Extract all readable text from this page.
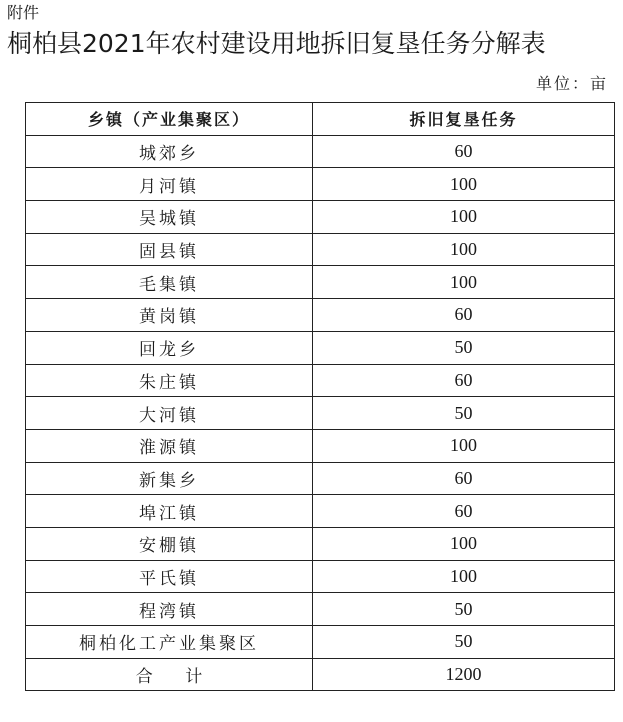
附件
桐柏县2021年农村建设用地拆旧复垦任务分解表
单位：亩
乡镇（产业集聚区）	拆旧复垦任务
城郊乡	60
月河镇	100
吴城镇	100
固县镇	100
毛集镇	100
黄岗镇	60
回龙乡	50
朱庄镇	60
大河镇	50
淮源镇	100
新集乡	60
埠江镇	60
安棚镇	100
平氏镇	100
程湾镇	50
桐柏化工产业集聚区	50
合      计	1200
